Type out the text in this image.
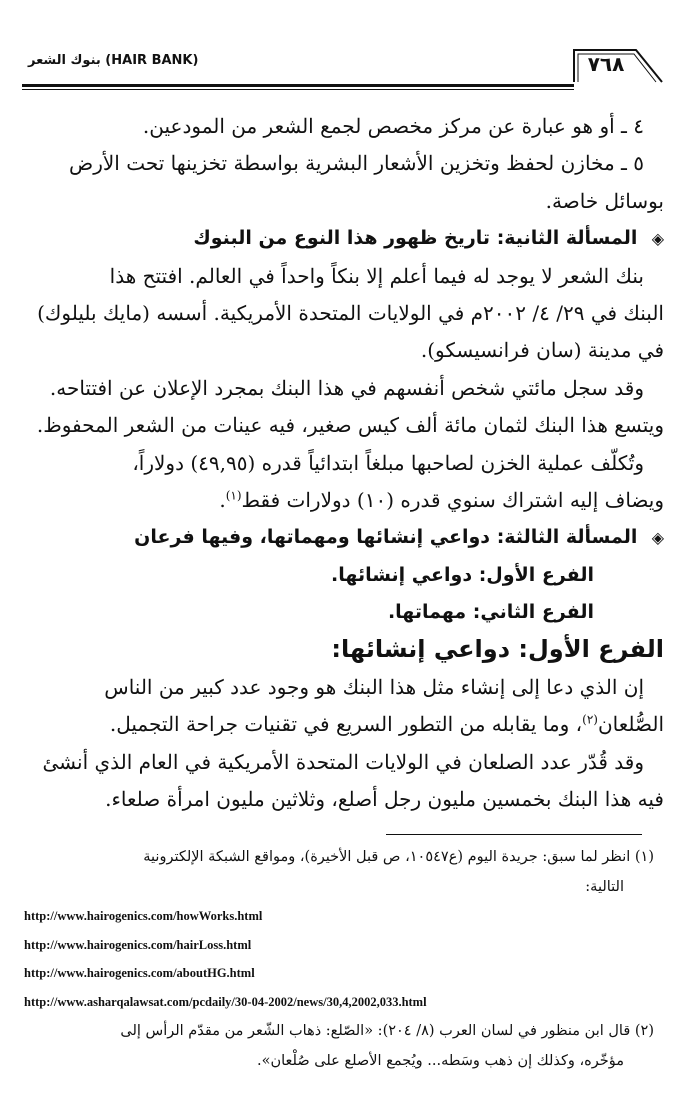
بنوك الشعر (HAIR BANK)	٧٦٨
٤ ـ أو هو عبارة عن مركز مخصص لجمع الشعر من المودعين.
٥ ـ مخازن لحفظ وتخزين الأشعار البشرية بواسطة تخزينها تحت الأرض
بوسائل خاصة.
◈ المسألة الثانية: تاريخ ظهور هذا النوع من البنوك
بنك الشعر لا يوجد له فيما أعلم إلا بنكاً واحداً في العالم. افتتح هذا
البنك في ٢٩/ ٤/ ٢٠٠٢م في الولايات المتحدة الأمريكية. أسسه (مايك بليلوك)
في مدينة (سان فرانسيسكو).
وقد سجل مائتي شخص أنفسهم في هذا البنك بمجرد الإعلان عن افتتاحه.
ويتسع هذا البنك لثمان مائة ألف كيس صغير، فيه عينات من الشعر المحفوظ.
وتُكلّف عملية الخزن لصاحبها مبلغاً ابتدائياً قدره (٤٩,٩٥) دولاراً،
ويضاف إليه اشتراك سنوي قدره (١٠) دولارات فقط$^{(١)}$.
◈ المسألة الثالثة: دواعي إنشائها ومهماتها، وفيها فرعان
الفرع الأول: دواعي إنشائها.
الفرع الثاني: مهماتها.
الفرع الأول: دواعي إنشائها:
إن الذي دعا إلى إنشاء مثل هذا البنك هو وجود عدد كبير من الناس
الصُّلعان$^{(٢)}$، وما يقابله من التطور السريع في تقنيات جراحة التجميل.
وقد قُدّر عدد الصلعان في الولايات المتحدة الأمريكية في العام الذي أنشئ
فيه هذا البنك بخمسين مليون رجل أصلع، وثلاثين مليون امرأة صلعاء.
(١) انظر لما سبق: جريدة اليوم (ع١٠٥٤٧، ص قبل الأخيرة)، ومواقع الشبكة الإلكترونية
التالية:
http://www.hairogenics.com/howWorks.html
http://www.hairogenics.com/hairLoss.html
http://www.hairogenics.com/aboutHG.html
http://www.asharqalawsat.com/pcdaily/30-04-2002/news/30,4,2002,033.html
(٢) قال ابن منظور في لسان العرب (٨/ ٢٠٤): «الصّلع: ذهاب الشّعر من مقدّم الرأس إلى
مؤخّره، وكذلك إن ذهب وسَطه... ويُجمع الأصلع على صُلْعان».
